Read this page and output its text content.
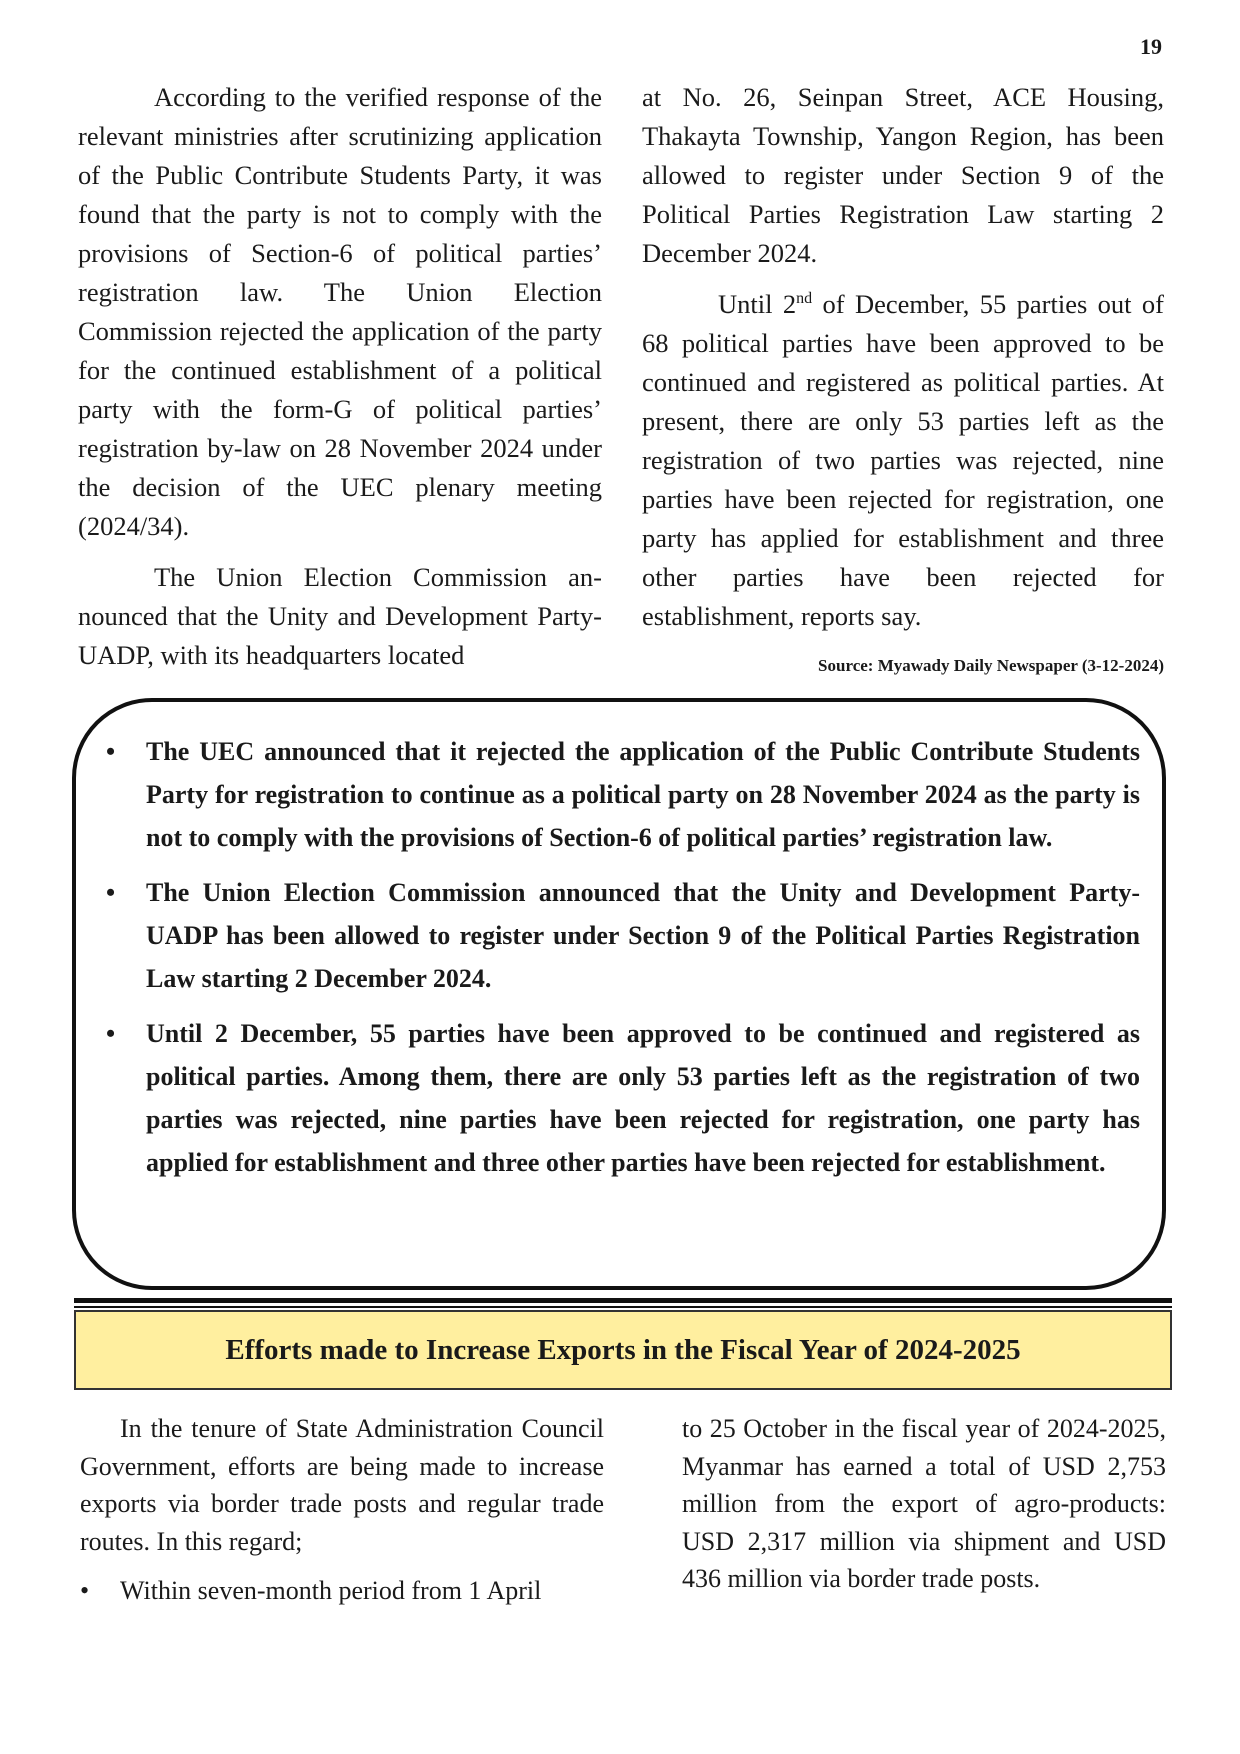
19

According to the verified response of the relevant ministries after scrutinizing application of the Public Contribute Students Party, it was found that the party is not to comply with the provisions of Section-6 of political parties’ registration law. The Union Election Commission rejected the application of the party for the continued establishment of a political party with the form-G of political parties’ registration by-law on 28 November 2024 under the decision of the UEC plenary meeting (2024/34).

The Union Election Commission announced that the Unity and Development Party- UADP, with its headquarters located

at No. 26, Seinpan Street, ACE Housing, Thakayta Township, Yangon Region, has been allowed to register under Section 9 of the Political Parties Registration Law starting 2 December 2024.

Until 2nd of December, 55 parties out of 68 political parties have been approved to be continued and registered as political parties. At present, there are only 53 parties left as the registration of two parties was rejected, nine parties have been rejected for registration, one party has applied for establishment and three other parties have been rejected for establishment, reports say.

Source: Myawady Daily Newspaper (3-12-2024)
• The UEC announced that it rejected the application of the Public Contribute Students Party for registration to continue as a political party on 28 November 2024 as the party is not to comply with the provisions of Section-6 of political parties’ registration law.
• The Union Election Commission announced that the Unity and Development Party- UADP has been allowed to register under Section 9 of the Political Parties Registration Law starting 2 December 2024.
• Until 2 December, 55 parties have been approved to be continued and registered as political parties. Among them, there are only 53 parties left as the registration of two parties was rejected, nine parties have been rejected for registration, one party has applied for establishment and three other parties have been rejected for establishment.
Efforts made to Increase Exports in the Fiscal Year of 2024-2025

In the tenure of State Administration Council Government, efforts are being made to increase exports via border trade posts and regular trade routes. In this regard;

• Within seven-month period from 1 April

to 25 October in the fiscal year of 2024-2025, Myanmar has earned a total of USD 2,753 million from the export of agro-products: USD 2,317 million via shipment and USD 436 million via border trade posts.
